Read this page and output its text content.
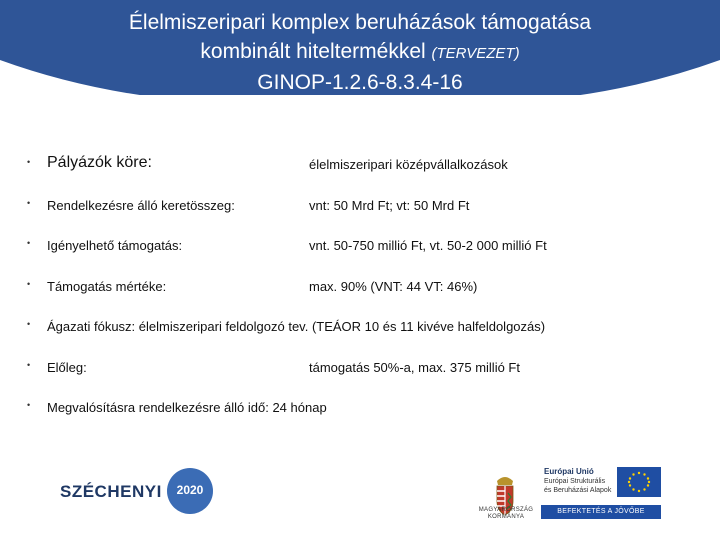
Élelmiszeripari komplex beruházások támogatása
kombinált hiteltermékkel (TERVEZET)
GINOP-1.2.6-8.3.4-16
• Pályázók köre:	élelmiszeripari középvállalkozások
• Rendelkezésre álló keretösszeg:	vnt: 50 Mrd Ft; vt: 50 Mrd Ft
• Igényelhető támogatás:	vnt. 50-750 millió Ft, vt. 50-2 000 millió Ft
• Támogatás mértéke:	max. 90% (VNT: 44 VT: 46%)
• Ágazati fókusz: élelmiszeripari feldolgozó tev. (TEÁOR 10 és 11 kivéve halfeldolgozás)
• Előleg:	támogatás 50%-a, max. 375 millió Ft
• Megvalósításra rendelkezésre álló idő: 24 hónap
SZÉCHENYI	2020
MAGYARORSZÁG
KORMÁNYA
Európai Unió
Európai Strukturális és Beruházási Alapok
BEFEKTETÉS A JÖVŐBE
